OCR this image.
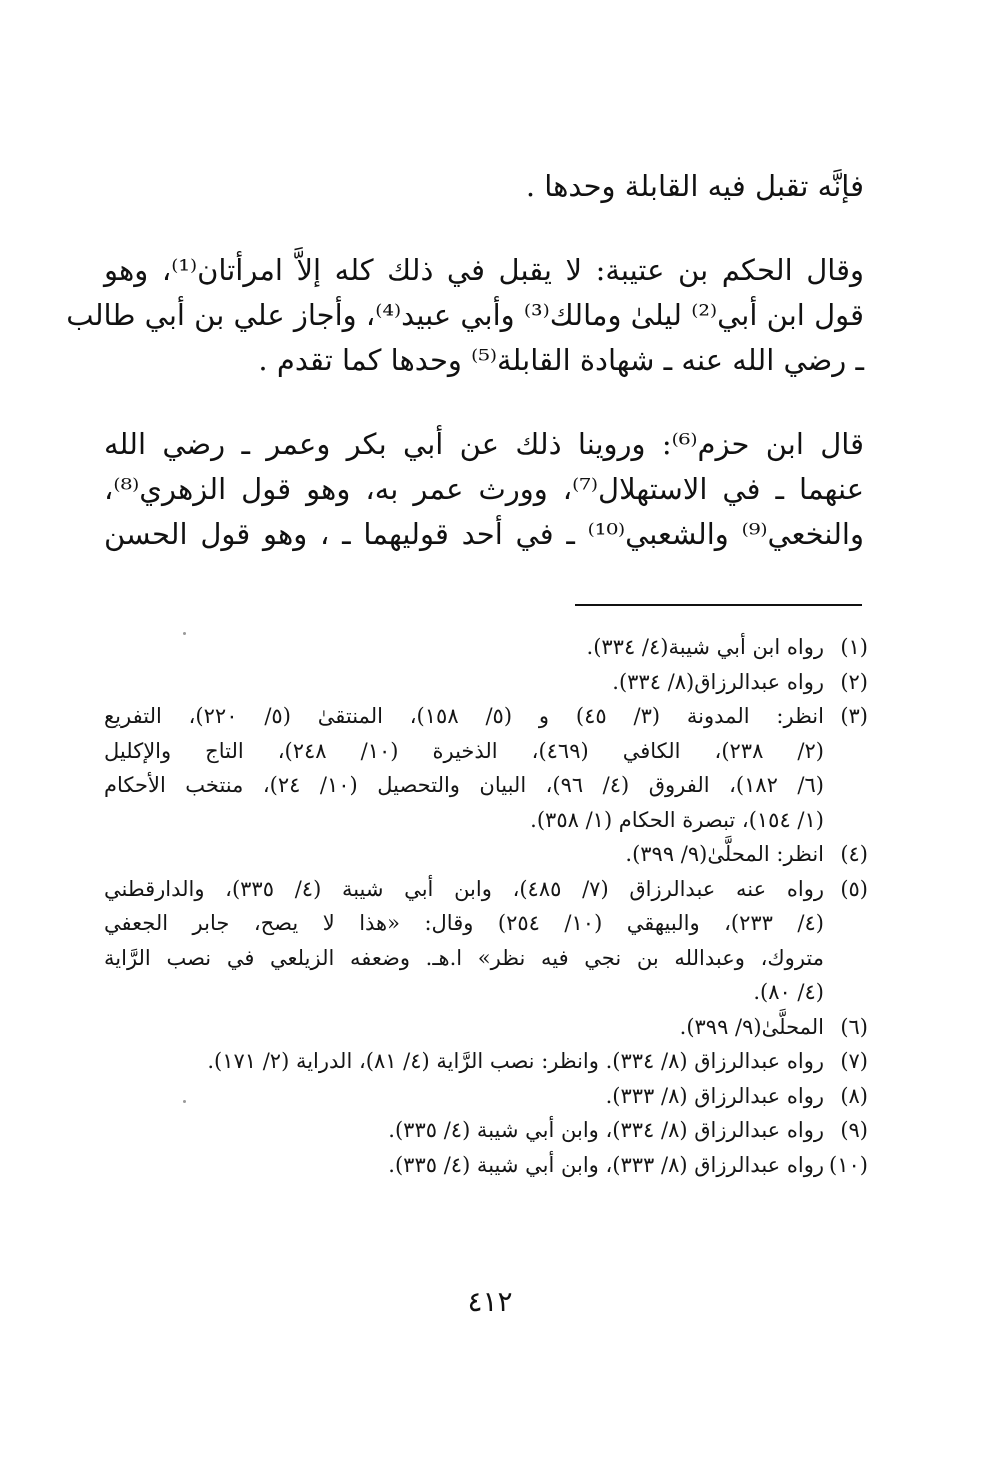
فإنَّه تقبل فيه القابلة وحدها .
وقال الحكم بن عتيبة: لا يقبل في ذلك كله إلاَّ امرأتان⁽¹⁾، وهو
قول ابن أبي⁽²⁾ ليلىٰ ومالك⁽³⁾ وأبي عبيد⁽⁴⁾، وأجاز علي بن أبي طالب
ـ رضي الله عنه ـ شهادة القابلة⁽⁵⁾ وحدها كما تقدم .
قال ابن حزم⁽⁶⁾: وروينا ذلك عن أبي بكر وعمر ـ رضي الله
عنهما ـ في الاستهلال⁽⁷⁾، وورث عمر به، وهو قول الزهري⁽⁸⁾،
والنخعي⁽⁹⁾ والشعبي⁽¹⁰⁾ ـ في أحد قوليهما ـ ، وهو قول الحسن
(١)
رواه ابن أبي شيبة(٤/ ٣٣٤).
(٢)
رواه عبدالرزاق(٨/ ٣٣٤).
(٣)
انظر: المدونة (٣/ ٤٥) و (٥/ ١٥٨)، المنتقىٰ (٥/ ٢٢٠)، التفريع
(٢/ ٢٣٨)، الكافي (٤٦٩)، الذخيرة (١٠/ ٢٤٨)، التاج والإكليل
(٦/ ١٨٢)، الفروق (٤/ ٩٦)، البيان والتحصيل (١٠/ ٢٤)، منتخب الأحكام
(١/ ١٥٤)، تبصرة الحكام (١/ ٣٥٨).
(٤)
انظر: المحلَّىٰ(٩/ ٣٩٩).
(٥)
رواه عنه عبدالرزاق (٧/ ٤٨٥)، وابن أبي شيبة (٤/ ٣٣٥)، والدارقطني
(٤/ ٢٣٣)، والبيهقي (١٠/ ٢٥٤) وقال: «هذا لا يصح، جابر الجعفي
متروك، وعبدالله بن نجي فيه نظر» ا.هـ. وضعفه الزيلعي في نصب الرَّاية
(٤/ ٨٠).
(٦)
المحلَّىٰ(٩/ ٣٩٩).
(٧)
رواه عبدالرزاق (٨/ ٣٣٤). وانظر: نصب الرَّاية (٤/ ٨١)، الدراية (٢/ ١٧١).
(٨)
رواه عبدالرزاق (٨/ ٣٣٣).
(٩)
رواه عبدالرزاق (٨/ ٣٣٤)، وابن أبي شيبة (٤/ ٣٣٥).
(١٠)
رواه عبدالرزاق (٨/ ٣٣٣)، وابن أبي شيبة (٤/ ٣٣٥).
٤١٢
